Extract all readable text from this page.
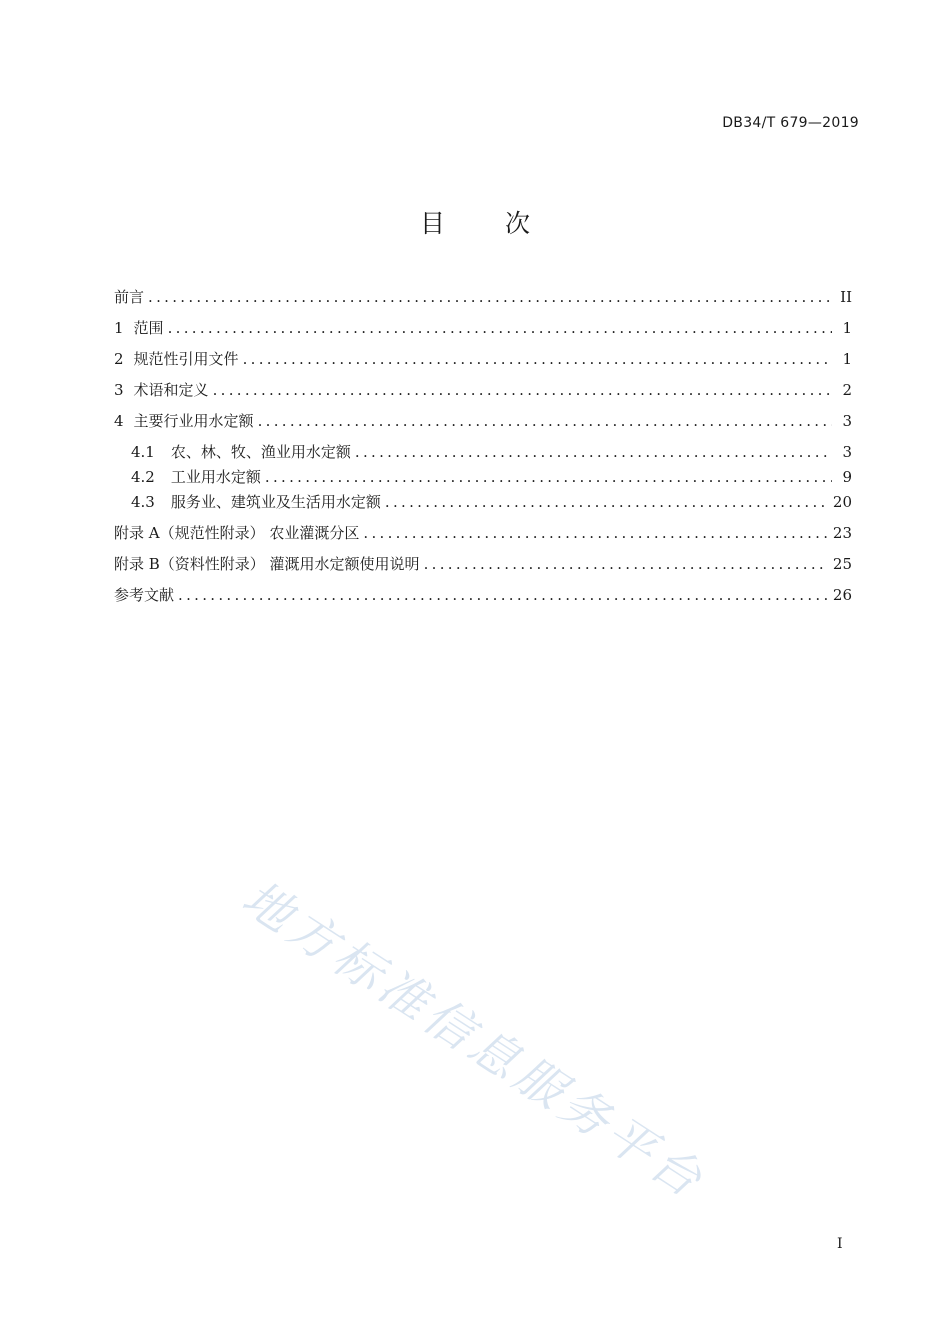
DB34/T 679—2019
目 次
前言 .....	II
1 范围 .....	1
2 规范性引用文件 .....	1
3 术语和定义 .....	2
4 主要行业用水定额 .....	3
4.1 农、林、牧、渔业用水定额 .....	3
4.2 工业用水定额 .....	9
4.3 服务业、建筑业及生活用水定额 .....	20
附录 A（规范性附录） 农业灌溉分区 .....	23
附录 B（资料性附录） 灌溉用水定额使用说明 .....	25
参考文献 .....	26
地方标准信息服务平台
I
